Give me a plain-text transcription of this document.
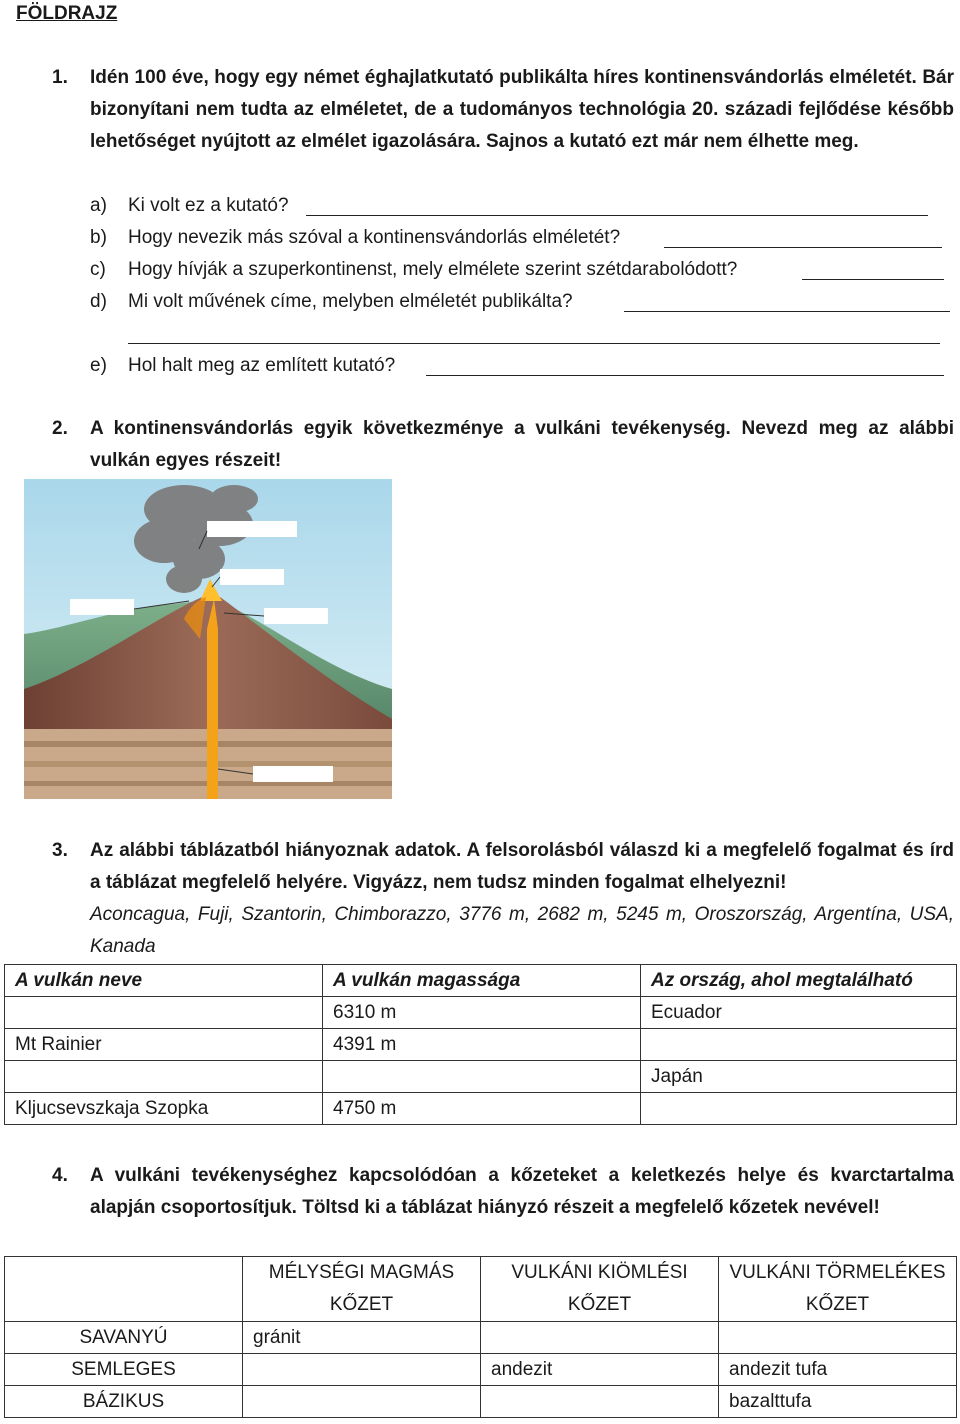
FÖLDRAJZ
1. Idén 100 éve, hogy egy német éghajlatkutató publikálta híres kontinensvándorlás elméletét. Bár bizonyítani nem tudta az elméletet, de a tudományos technológia 20. századi fejlődése később lehetőséget nyújtott az elmélet igazolására. Sajnos a kutató ezt már nem élhette meg.
a)	Ki volt ez a kutató?
b)	Hogy nevezik más szóval a kontinensvándorlás elméletét?
c)	Hogy hívják a szuperkontinenst, mely elmélete szerint szétdarabolódott?
d)	Mi volt művének címe, melyben elméletét publikálta?
e)	Hol halt meg az említett kutató?
2. A kontinensvándorlás egyik következménye a vulkáni tevékenység. Nevezd meg az alábbi vulkán egyes részeit!
3. Az alábbi táblázatból hiányoznak adatok. A felsorolásból válaszd ki a megfelelő fogalmat és írd a táblázat megfelelő helyére. Vigyázz, nem tudsz minden fogalmat elhelyezni!
Aconcagua, Fuji, Szantorin, Chimborazzo, 3776 m, 2682 m, 5245 m, Oroszország, Argentína, USA, Kanada
A vulkán neve	A vulkán magassága	Az ország, ahol megtalálható
	6310 m	Ecuador
Mt Rainier	4391 m	
		Japán
Kljucsevszkaja Szopka	4750 m	
4. A vulkáni tevékenységhez kapcsolódóan a kőzeteket a keletkezés helye és kvarctartalma alapján csoportosítjuk. Töltsd ki a táblázat hiányzó részeit a megfelelő kőzetek nevével!
	MÉLYSÉGI MAGMÁS KŐZET	VULKÁNI KIÖMLÉSI KŐZET	VULKÁNI TÖRMELÉKES KŐZET
SAVANYÚ	gránit		
SEMLEGES		andezit	andezit tufa
BÁZIKUS			bazalttufa
